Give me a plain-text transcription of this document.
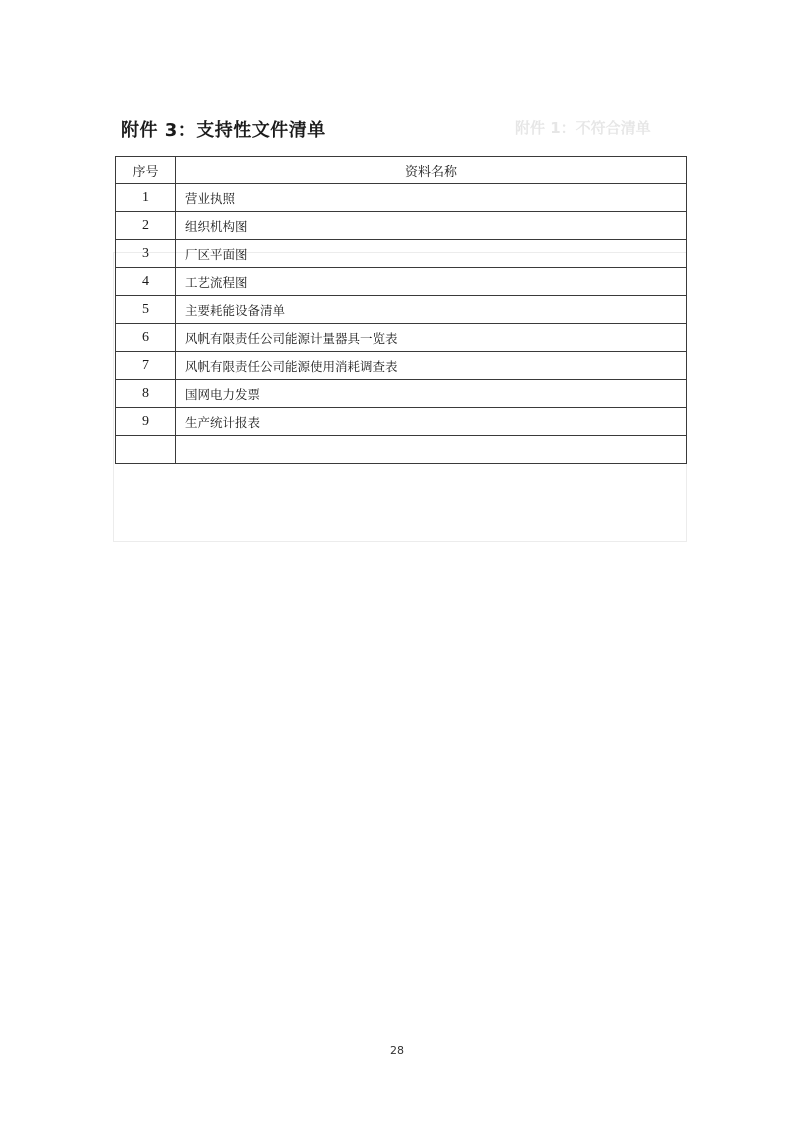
附件 1：不符合清单
附件 3：支持性文件清单
序号	资料名称
1	营业执照
2	组织机构图
3	厂区平面图
4	工艺流程图
5	主要耗能设备清单
6	风帆有限责任公司能源计量器具一览表
7	风帆有限责任公司能源使用消耗调查表
8	国网电力发票
9	生产统计报表

28
